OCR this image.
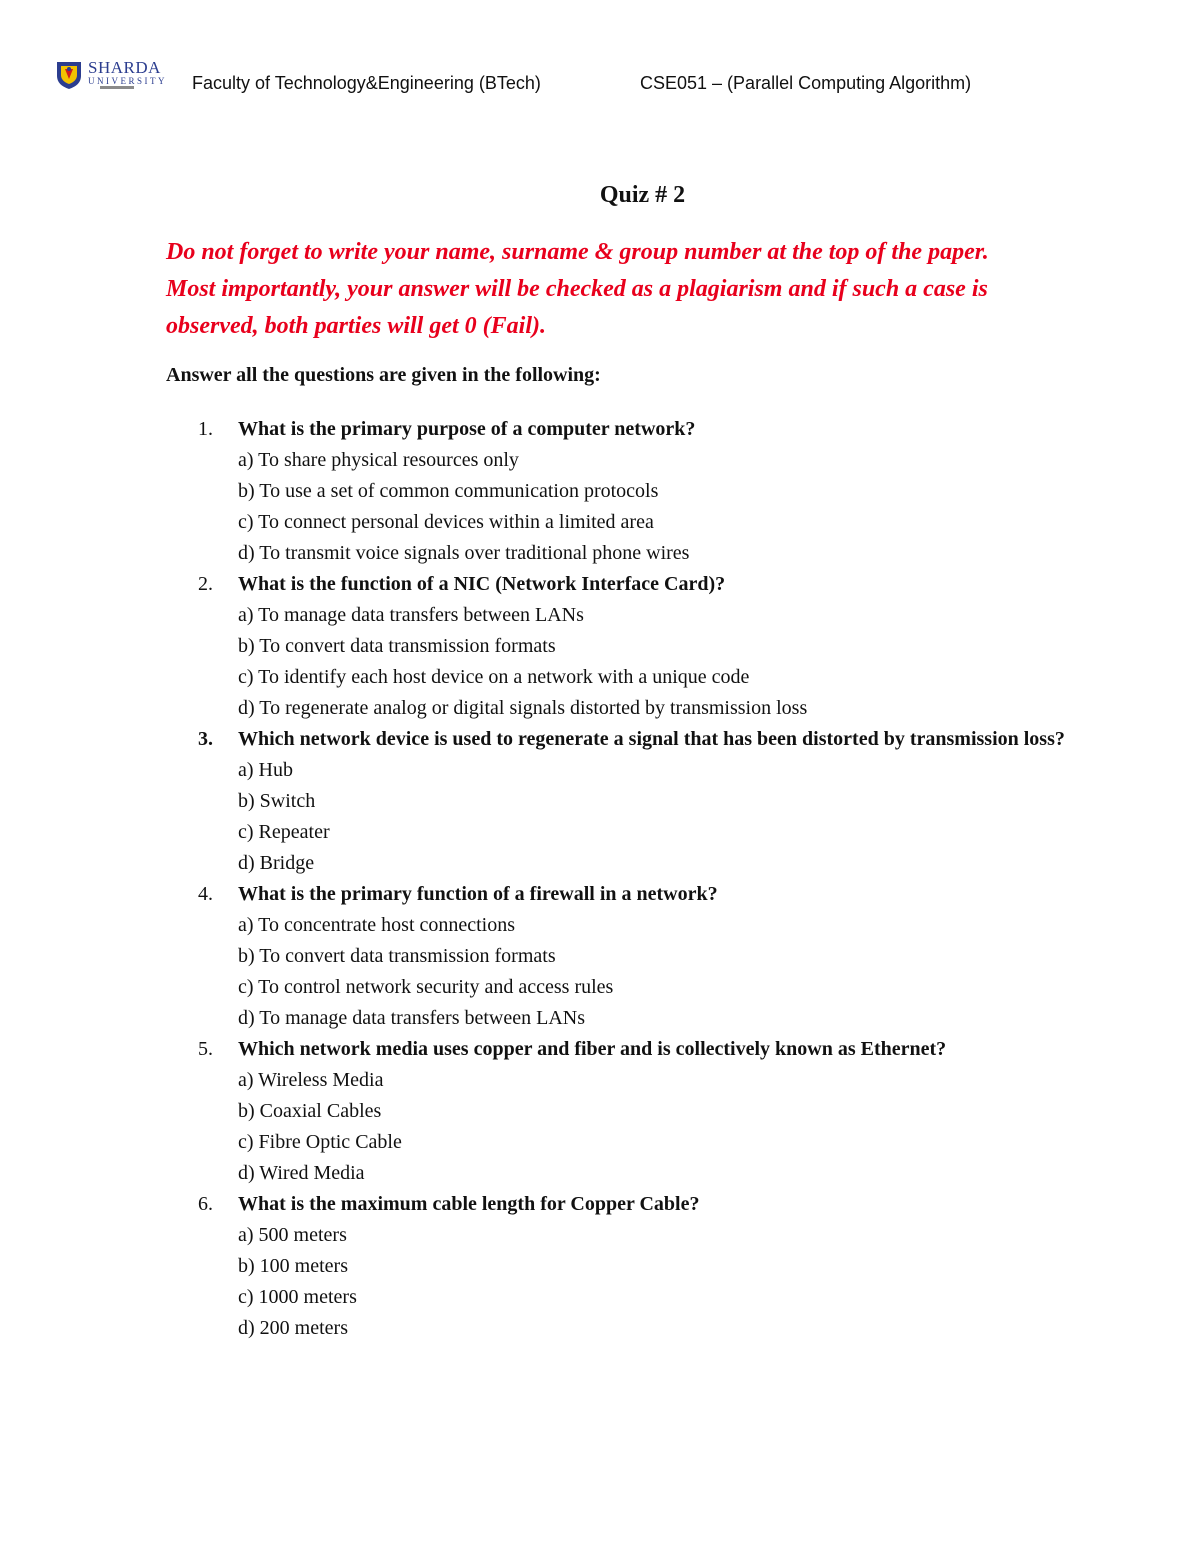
SHARDA
UNIVERSITY Faculty of Technology&Engineering (BTech)	CSE051 – (Parallel Computing Algorithm)
Quiz # 2

Do not forget to write your name, surname & group number at the top of the paper.

Most importantly, your answer will be checked as a plagiarism and if such a case is

observed, both parties will get 0 (Fail).

Answer all the questions are given in the following:
1. What is the primary purpose of a computer network?
a) To share physical resources only
b) To use a set of common communication protocols
c) To connect personal devices within a limited area
d) To transmit voice signals over traditional phone wires
2. What is the function of a NIC (Network Interface Card)?
a) To manage data transfers between LANs
b) To convert data transmission formats
c) To identify each host device on a network with a unique code
d) To regenerate analog or digital signals distorted by transmission loss
3. Which network device is used to regenerate a signal that has been distorted by transmission loss?
a) Hub
b) Switch
c) Repeater
d) Bridge
4. What is the primary function of a firewall in a network?
a) To concentrate host connections
b) To convert data transmission formats
c) To control network security and access rules
d) To manage data transfers between LANs
5. Which network media uses copper and fiber and is collectively known as Ethernet?
a) Wireless Media
b) Coaxial Cables
c) Fibre Optic Cable
d) Wired Media
6. What is the maximum cable length for Copper Cable?
a) 500 meters
b) 100 meters
c) 1000 meters
d) 200 meters
